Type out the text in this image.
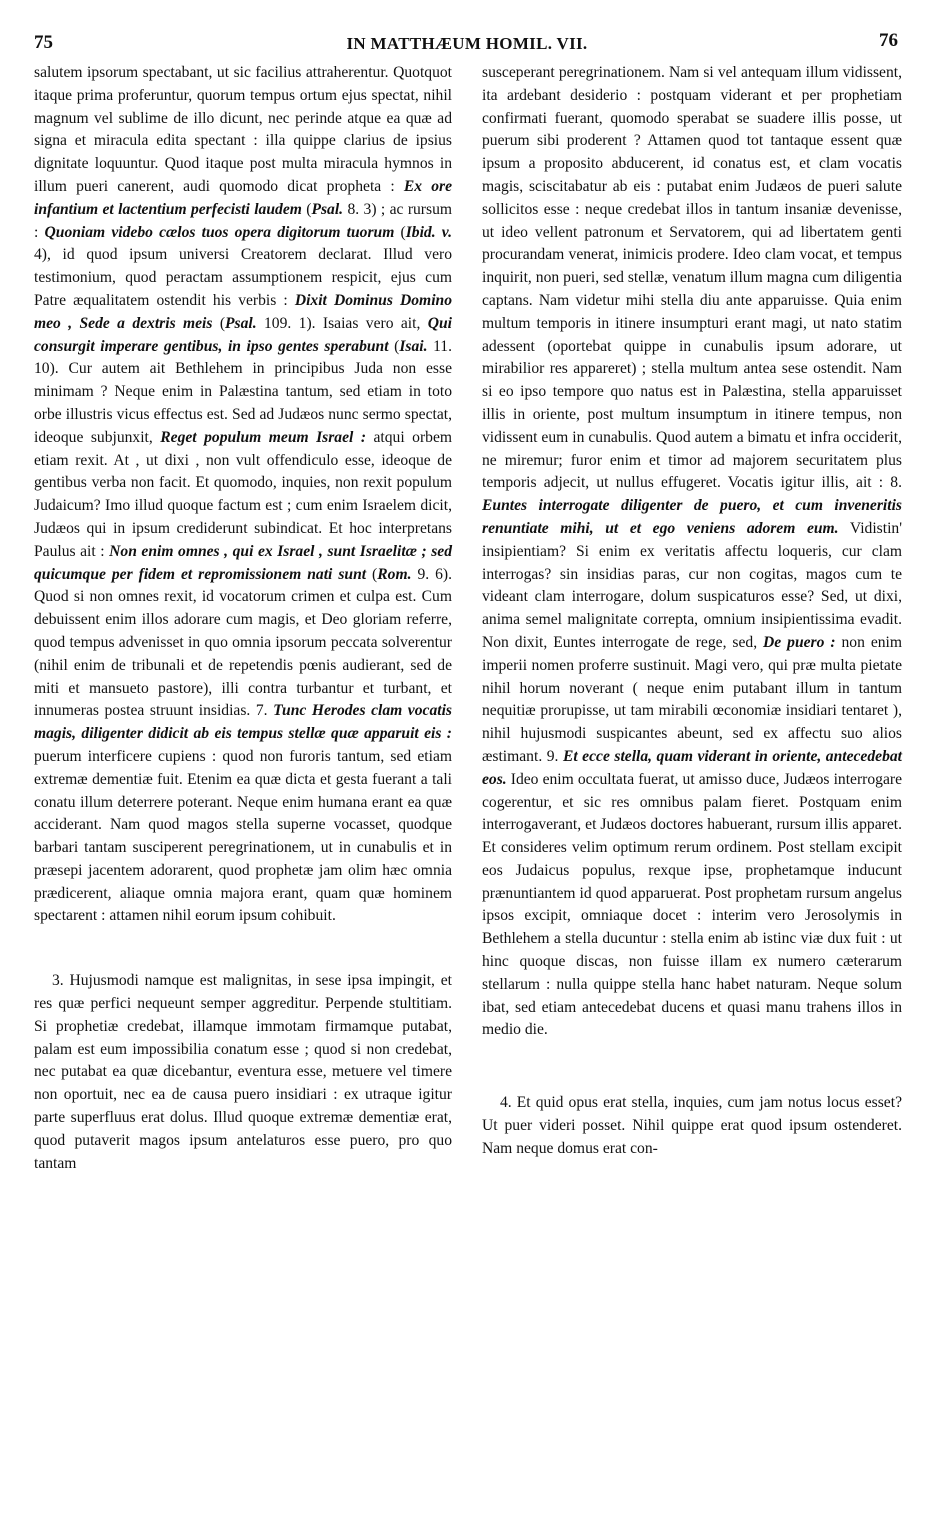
75	IN MATTHÆUM HOMIL. VII.	76

salutem ipsorum spectabant, ut sic facilius attraherentur. Quotquot itaque prima proferuntur, quorum tempus ortum ejus spectat, nihil magnum vel sublime de illo dicunt, nec perinde atque ea quæ ad signa et miracula edita spectant : illa quippe clarius de ipsius dignitate loquuntur. Quod itaque post multa miracula hymnos in illum pueri canerent, audi quomodo dicat propheta : Ex ore infantium et lactentium perfecisti laudem (Psal. 8. 3) ; ac rursum : Quoniam videbo cælos tuos opera digitorum tuorum (Ibid. v. 4), id quod ipsum universi Creatorem declarat. Illud vero testimonium, quod peractam assumptionem respicit, ejus cum Patre æqualitatem ostendit his verbis : Dixit Dominus Domino meo , Sede a dextris meis (Psal. 109. 1). Isaias vero ait, Qui consurgit imperare gentibus, in ipso gentes sperabunt (Isai. 11. 10). Cur autem ait Bethlehem in principibus Juda non esse minimam ? Neque enim in Palæstina tantum, sed etiam in toto orbe illustris vicus effectus est. Sed ad Judæos nunc sermo spectat, ideoque subjunxit, Reget populum meum Israel : atqui orbem etiam rexit. At , ut dixi , non vult offendiculo esse, ideoque de gentibus verba non facit. Et quomodo, inquies, non rexit populum Judaicum? Imo illud quoque factum est ; cum enim Israelem dicit, Judæos qui in ipsum crediderunt subindicat. Et hoc interpretans Paulus ait : Non enim omnes , qui ex Israel , sunt Israelitæ ; sed quicumque per fidem et repromissionem nati sunt (Rom. 9. 6). Quod si non omnes rexit, id vocatorum crimen et culpa est. Cum debuissent enim illos adorare cum magis, et Deo gloriam referre, quod tempus advenisset in quo omnia ipsorum peccata solverentur (nihil enim de tribunali et de repetendis pœnis audierant, sed de miti et mansueto pastore), illi contra turbantur et turbant, et innumeras postea struunt insidias. 7. Tunc Herodes clam vocatis magis, diligenter didicit ab eis tempus stellæ quæ apparuit eis : puerum interficere cupiens : quod non furoris tantum, sed etiam extremæ dementiæ fuit. Etenim ea quæ dicta et gesta fuerant a tali conatu illum deterrere poterant. Neque enim humana erant ea quæ acciderant. Nam quod magos stella superne vocasset, quodque barbari tantam susciperent peregrinationem, ut in cunabulis et in præsepi jacentem adorarent, quod prophetæ jam olim hæc omnia prædicerent, aliaque omnia majora erant, quam quæ hominem spectarent : attamen nihil eorum ipsum cohibuit.

3. Hujusmodi namque est malignitas, in sese ipsa impingit, et res quæ perfici nequeunt semper aggreditur. Perpende stultitiam. Si prophetiæ credebat, illamque immotam firmamque putabat, palam est eum impossibilia conatum esse ; quod si non credebat, nec putabat ea quæ dicebantur, eventura esse, metuere vel timere non oportuit, nec ea de causa puero insidiari : ex utraque igitur parte superfluus erat dolus. Illud quoque extremæ dementiæ erat, quod putaverit magos ipsum antelaturos esse puero, pro quo tantam

susceperant peregrinationem. Nam si vel antequam illum vidissent, ita ardebant desiderio : postquam viderant et per prophetiam confirmati fuerant, quomodo sperabat se suadere illis posse, ut puerum sibi proderent ? Attamen quod tot tantaque essent quæ ipsum a proposito abducerent, id conatus est, et clam vocatis magis, sciscitabatur ab eis : putabat enim Judæos de pueri salute sollicitos esse : neque credebat illos in tantum insaniæ devenisse, ut ideo vellent patronum et Servatorem, qui ad libertatem genti procurandam venerat, inimicis prodere. Ideo clam vocat, et tempus inquirit, non pueri, sed stellæ, venatum illum magna cum diligentia captans. Nam videtur mihi stella diu ante apparuisse. Quia enim multum temporis in itinere insumpturi erant magi, ut nato statim adessent (oportebat quippe in cunabulis ipsum adorare, ut mirabilior res appareret) ; stella multum antea sese ostendit. Nam si eo ipso tempore quo natus est in Palæstina, stella apparuisset illis in oriente, post multum insumptum in itinere tempus, non vidissent eum in cunabulis. Quod autem a bimatu et infra occiderit, ne miremur; furor enim et timor ad majorem securitatem plus temporis adjecit, ut nullus effugeret. Vocatis igitur illis, ait : 8. Euntes interrogate diligenter de puero, et cum inveneritis renuntiate mihi, ut et ego veniens adorem eum. Vidistin' insipientiam? Si enim ex veritatis affectu loqueris, cur clam interrogas? sin insidias paras, cur non cogitas, magos cum te videant clam interrogare, dolum suspicaturos esse? Sed, ut dixi, anima semel malignitate correpta, omnium insipientissima evadit. Non dixit, Euntes interrogate de rege, sed, De puero : non enim imperii nomen proferre sustinuit. Magi vero, qui præ multa pietate nihil horum noverant ( neque enim putabant illum in tantum nequitiæ prorupisse, ut tam mirabili œconomiæ insidiari tentaret ), nihil hujusmodi suspicantes abeunt, sed ex affectu suo alios æstimant. 9. Et ecce stella, quam viderant in oriente, antecedebat eos. Ideo enim occultata fuerat, ut amisso duce, Judæos interrogare cogerentur, et sic res omnibus palam fieret. Postquam enim interrogaverant, et Judæos doctores habuerant, rursum illis apparet. Et consideres velim optimum rerum ordinem. Post stellam excipit eos Judaicus populus, rexque ipse, prophetamque inducunt prænuntiantem id quod apparuerat. Post prophetam rursum angelus ipsos excipit, omniaque docet : interim vero Jerosolymis in Bethlehem a stella ducuntur : stella enim ab istinc viæ dux fuit : ut hinc quoque discas, non fuisse illam ex numero cæterarum stellarum : nulla quippe stella hanc habet naturam. Neque solum ibat, sed etiam antecedebat ducens et quasi manu trahens illos in medio die.

4. Et quid opus erat stella, inquies, cum jam notus locus esset? Ut puer videri posset. Nihil quippe erat quod ipsum ostenderet. Nam neque domus erat con-
